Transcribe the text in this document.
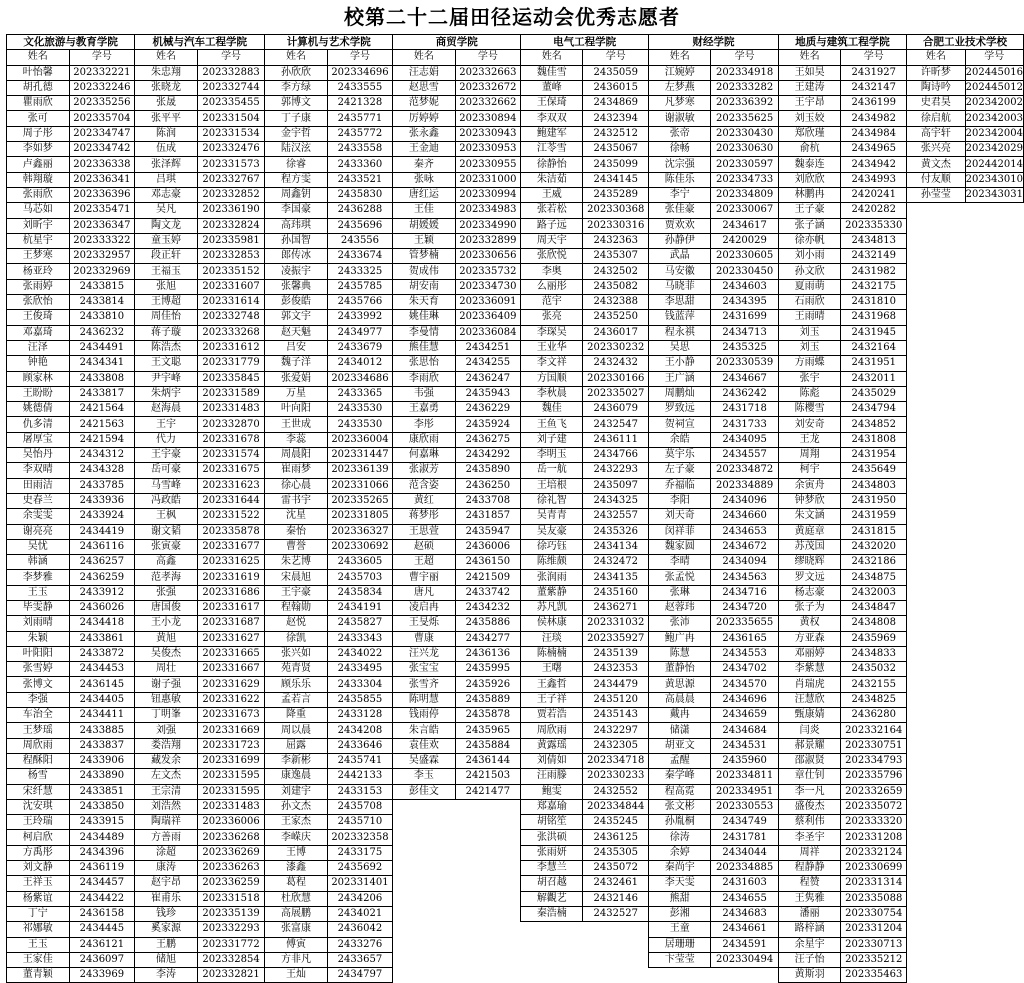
校第二十二届田径运动会优秀志愿者
文化旅游与教育学院		机械与汽车工程学院		计算机与艺术学院		商贸学院		电气工程学院		财经学院		地质与建筑工程学院		合肥工业技术学校	
姓名	学号	姓名	学号	姓名	学号	姓名	学号	姓名	学号	姓名	学号	姓名	学号	姓名	学号
叶怡馨	202332221	朱忠翔	202332883	孙欣欣	202334696	汪志娟	202332663	魏佳雪	2435059	江婉婷	202334918	王如昊	2431927	许昕梦	202445016
胡孔德	202332246	张晓龙	202332744	李方绿	2433555	赵思雪	202332672	董峰	2436015	左梦燕	202333282	王建涛	2432147	陶诗吟	202445012
瞿雨欣	202335256	张晟	202335455	郭博文	2421328	范梦妮	202332662	王保琦	2434869	凡梦寒	202336392	王宇昂	2436199	史君昊	202342002
张可	202335704	张平平	202331504	丁子康	2435771	厉婷婷	202330894	李双双	2432394	谢淑敏	202335625	刘玉姣	2434982	徐启航	202342003
周子彤	202334747	陈润	202331534	金宇哲	2435772	张永鑫	202330943	鲍建军	2432512	张帝	202330430	郑欣瑾	2434984	高宇轩	202342004
李如梦	202334742	伍成	202332476	陆汉泫	2433558	王金迪	202330953	江苓雪	2435067	徐畅	202330630	俞杭	2434965	张兴亮	202342029
卢鑫丽	202336338	张泽辉	202331573	徐睿	2433360	秦齐	202330955	徐静怡	2435099	沈宗强	202330597	魏泰连	2434942	黄文杰	202442014
韩翔璇	202336341	吕琪	202332767	程方雯	2433521	张咏	202331000	朱洁茹	2434145	陈佳乐	202334733	刘欣欣	2434993	付友顺	202343010
张雨欣	202336396	邓志豪	202332852	周鑫钥	2435830	唐红运	202330994	王威	2435289	李宁	202334809	林鹏冉	2420241	孙莹莹	202343031
马芯如	202335471	吴凡	202336190	李国豪	2436288	王佳	202334983	张若松	202330368	张佳豪	202330067	王子豪	2420282		
刘昕宇	202336347	陶文龙	202332824	高玮琪	2435696	胡媛媛	202334990	路子远	202330316	贾欢欢	2434617	张子涵	202335330		
杭星宇	202333322	童玉婷	202335981	孙国智	243556	王颖	202332899	周天宇	2432363	孙静伊	2420029	徐亦帆	2434813		
王梦寒	202332957	段正轩	202332853	郎传冰	2433674	管梦楠	202330656	张欣悦	2435307	武晶	202330605	刘小雨	2432149		
杨亚玲	202332969	王福玉	202335152	凌振宇	2433325	贺成伟	202335732	李奥	2432502	马安徽	202330450	孙文欣	2431982		
张雨婷	2433815	张旭	202331607	张馨典	2435785	胡安南	202334730	么丽彤	2435082	马晓菲	2434603	夏雨萌	2432175		
张欣怡	2433814	王博超	202331614	彭俊皓	2435766	朱天育	202336091	范宇	2432388	李思甜	2434395	石雨欣	2431810		
王俊琦	2433810	周佳怡	202332748	郭文宇	2433992	姚佳琳	202336409	张亮	2435250	钱蓝萍	2431699	王雨晴	2431968		
邓嘉琦	2436232	蒋子璇	202333268	赵天魁	2434977	李曼情	202336084	李琛吴	2436017	程永祺	2434713	刘玉	2431945		
汪泽	2434491	陈浩杰	202331612	吕安	2433679	熊佳慧	2434251	王业华	202330232	吴思	2435325	刘玉	2432164		
钟艳	2434341	王文聪	202331779	魏子洋	2434012	张思怡	2434255	李文祥	2432432	王小静	202330539	方雨蝶	2431951		
顾家林	2433808	尹宇峰	202335845	张爱娟	202334686	李雨欣	2436247	方国顺	202330166	王广涵	2434667	张宇	2432011		
王盼盼	2433817	朱炳宇	202331589	万星	2433365	韦强	2435943	李秋晨	202335027	周鹏灿	2436242	陈彪	2435029		
姚德倩	2421564	赵海晨	202331483	叶向阳	2433530	王嘉勇	2436229	魏佳	2436079	罗致远	2431718	陈樱雪	2434794		
仇多清	2421563	王宇	202332870	王世成	2433530	李彤	2435924	王鱼飞	2432547	贺祠宣	2431733	刘安奇	2434852		
屠厚宝	2421594	代力	202331678	李蕊	202336004	康欣雨	2436275	刘子建	2436111	余皓	2434095	王龙	2431808		
吴怡丹	2434312	王宇豪	202331574	周晨阳	202331447	何嘉琳	2434292	李明玉	2434766	莫宇乐	2434557	周翔	2431954		
李双晴	2434328	岳可豪	202331675	崔雨梦	202336139	张淑芳	2435890	岳一航	2432293	左子豪	202334872	柯宇	2435649		
田雨洁	2433785	马雪峰	202331623	徐心晨	202331066	范含姿	2436250	王培根	2435097	乔福临	202334889	余寅舟	2434803		
史春兰	2433936	冯政皓	202331644	雷书宇	202335265	黄红	2433708	徐礼智	2434325	李阳	2434096	钟梦欣	2431950		
余雯雯	2433924	王枫	202331522	沈星	202331805	蒋梦彤	2431857	吴青青	2432557	刘天奇	2434660	朱文涵	2431959		
谢亮亮	2434419	谢文韬	202335878	秦怡	202336327	王思萱	2435947	吴友豪	2435326	闵祥菲	2434653	黄庭章	2431815		
吴忧	2436116	张寅豪	202331677	曹誉	202330692	赵硕	2436006	徐巧钰	2434134	魏家圆	2434672	苏茂国	2432020		
韩涵	2436257	高鑫	202331625	朱艺博	2433605	王超	2436150	陈维颇	2432472	李晴	2434094	缪晓辉	2432186		
李梦雅	2436259	范孝海	202331619	宋晨旭	2435703	曹宇丽	2421509	张润雨	2434135	张孟悦	2434563	罗文远	2434875		
王玉	2433912	张强	202331686	王宇豪	2435834	唐凡	2433742	董紫静	2435160	张琳	2434716	杨志豪	2432003		
毕雯静	2436026	唐国俊	202331617	程翰勋	2434191	凌启冉	2434232	苏凡凯	2436271	赵蓉玮	2434720	张子为	2434847		
刘雨晴	2434418	王小龙	202331687	赵悦	2435827	王旻烁	2435886	侯林康	202331032	张沛	202335655	黄权	2434808		
朱颖	2433861	黄旭	202331627	徐凯	2433343	曹康	2434277	汪琰	202335927	鲍广冉	2436165	方亚森	2435969		
叶阳阳	2433872	吴俊杰	202331665	张兴如	2434022	汪兴龙	2436136	陈楠楠	2435139	陈慧	2434553	邓丽婷	2434833		
张雪婷	2434453	周壮	202331667	苑青贤	2433495	张宝宝	2435995	王曙	2432353	董静怡	2434702	李紫慧	2435032		
张博文	2436145	谢子强	202331629	顾乐乐	2433304	张雪齐	2435926	王鑫哲	2434479	黄思源	2434570	肖瑞虎	2432155		
李强	2434405	钮惠敏	202331622	孟若言	2435855	陈明慧	2435889	王子祥	2435120	高晨晨	2434696	汪慧欣	2434825		
车治全	2434411	丁明峯	202331673	降重	2433128	钱雨停	2435878	贾若浩	2435143	戴冉	2434659	甄康婧	2436280		
王梦瑶	2433885	刘强	202331669	周以晨	2434208	朱言皓	2435965	周欣雨	2432297	储潇	2434684	闫炎	202332164		
周欣雨	2433837	娄浩翔	202331723	屈露	2433646	袁佳欢	2435884	黄露瑶	2432305	胡亚文	2434531	郝景耀	202330751		
程酥阳	2433906	藏发余	202331699	李新彬	2435741	吴盛霖	2436144	刘倩如	202334718	孟醒	2435960	邵淑贤	202334793		
杨雪	2433890	左文杰	202331595	康逸晨	2442133	李玉	2421503	汪雨滕	202330233	秦学峰	202334811	章仕钊	202335796		
宋纤慧	2433851	王宗清	202331595	刘建宇	2433153	彭佳文	2421477	鲍雯	2432552	程高霓	202334951	李一凡	202332659		
沈安琪	2433850	刘浩然	202331483	孙文杰	2435708			郑嘉瑜	202334844	张文彬	202330553	盛俊杰	202335072		
王玲瑞	2433915	陶瑞祥	202336006	王家杰	2435710			胡铭笙	2435245	孙胤桐	2434749	蔡利伟	202333320		
柯启欣	2434489	方善雨	202336268	李嵘庆	202332358			张洪硕	2436125	徐涛	2431781	李圣宇	202331208		
方禹彤	2434396	涂超	202336269	王博	2433175			张雨妍	2435305	余婷	2434044	周祥	202332124		
刘文静	2436119	康涛	202336263	漆鑫	2435692			李慧兰	2435072	秦尚宇	202334885	程静静	202330699		
王祥玉	2434457	赵宇昂	202336259	葛程	202331401			胡召越	2432461	李天雯	2431603	程赞	202331314		
杨紫谊	2434422	崔甫乐	202331518	杜欣慧	2434206			解觀艺	2432146	熊甜	2434655	王隽雅	202335088		
丁宁	2436158	钱珍	202335139	高展鹏	2434021			秦浩楠	2432527	彭湘	2434683	潘丽	202330754		
祁娜敏	2434445	奚家源	202332293	张富康	2436042					王童	2434661	路梓涵	202331204		
王玉	2436121	王鹏	202331772	傅寅	2433276					居珊珊	2434591	余星宇	202330713		
王家佳	2436097	储旭	202332854	方非凡	2433657					卞莹莹	202330494	汪子怡	202335212		
董青颖	2433969	李涛	202332821	王灿	2434797							黄斯羽	202335463		
